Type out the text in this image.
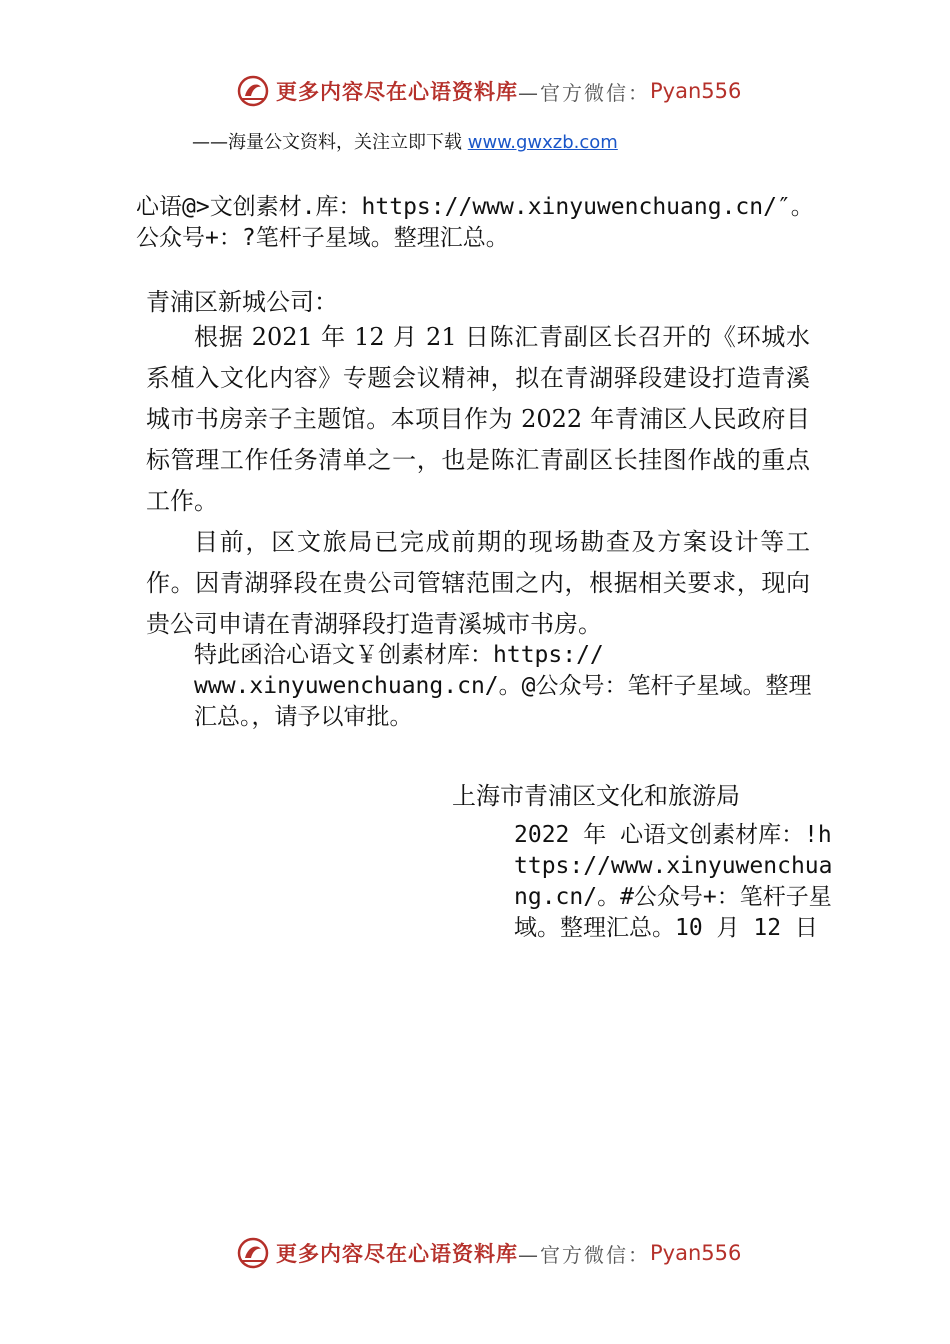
更多内容尽在心语资料库 —官方微信： Pyan556
——海量公文资料，关注立即下载 www.gwxzb.com
心语@>文创素材.库：https://www.xinyuwenchuang.cn/″。公众号+：?笔杆子星域。整理汇总。
青浦区新城公司：
根据 2021 年 12 月 21 日陈汇青副区长召开的《环城水系植入文化内容》专题会议精神，拟在青湖驿段建设打造青溪城市书房亲子主题馆。本项目作为 2022 年青浦区人民政府目标管理工作任务清单之一，也是陈汇青副区长挂图作战的重点工作。
目前，区文旅局已完成前期的现场勘查及方案设计等工作。因青湖驿段在贵公司管辖范围之内，根据相关要求，现向贵公司申请在青湖驿段打造青溪城市书房。
特此函洽心语文￥创素材库：https://
www.xinyuwenchuang.cn/。@公众号：笔杆子星域。整理
汇总。，请予以审批。
上海市青浦区文化和旅游局
2022 年 心语文创素材库：!https://www.xinyuwenchuang.cn/。#公众号+：笔杆子星域。整理汇总。10 月 12 日
更多内容尽在心语资料库 —官方微信： Pyan556
